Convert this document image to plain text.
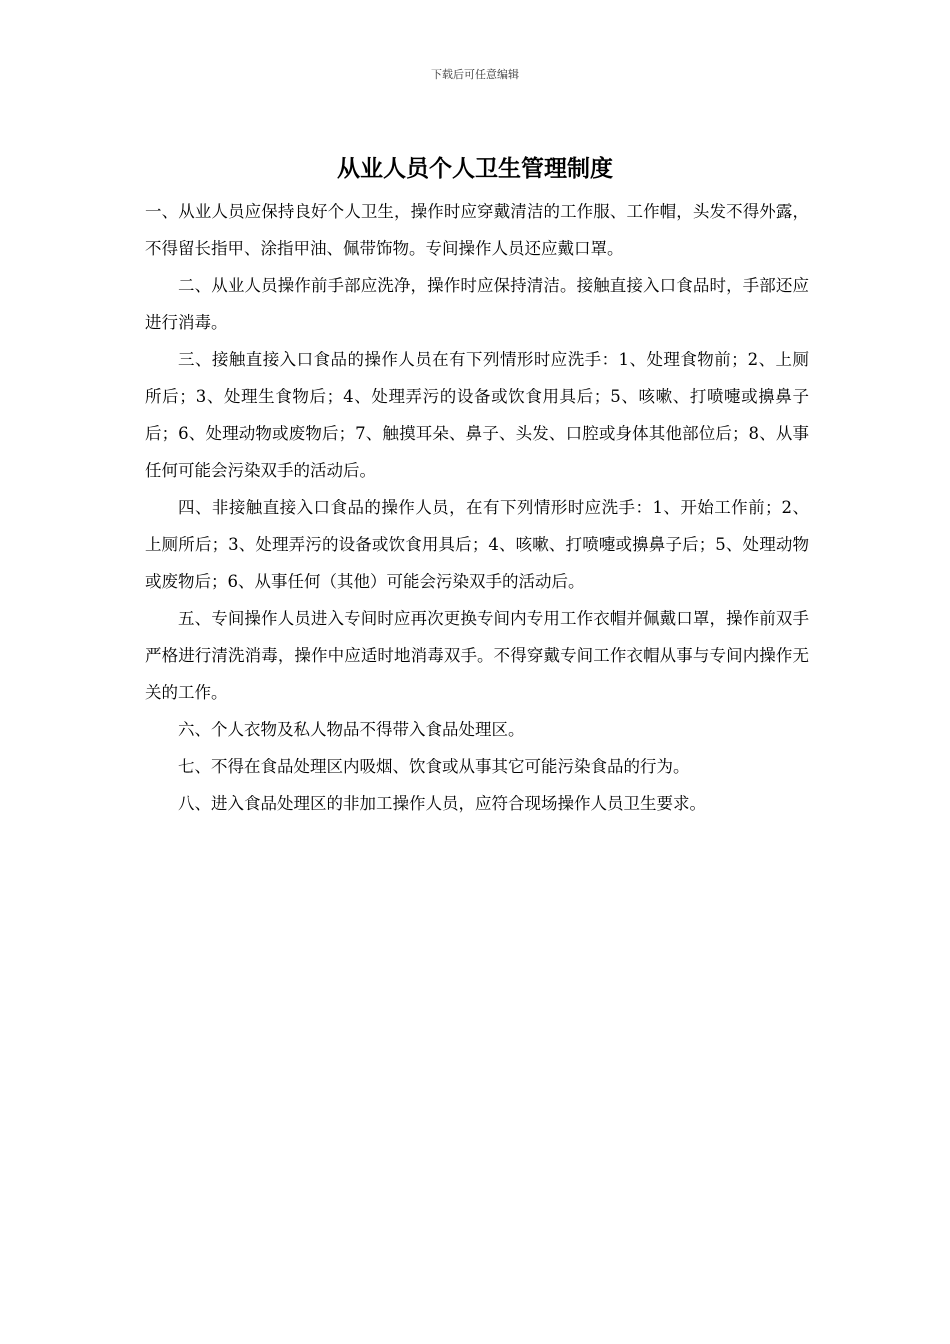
下载后可任意编辑
从业人员个人卫生管理制度

一、从业人员应保持良好个人卫生，操作时应穿戴清洁的工作服、工作帽，头发不得外露，不得留长指甲、涂指甲油、佩带饰物。专间操作人员还应戴口罩。

二、从业人员操作前手部应洗净，操作时应保持清洁。接触直接入口食品时，手部还应进行消毒。

三、接触直接入口食品的操作人员在有下列情形时应洗手：1、处理食物前；2、上厕所后；3、处理生食物后；4、处理弄污的设备或饮食用具后；5、咳嗽、打喷嚏或擤鼻子后；6、处理动物或废物后；7、触摸耳朵、鼻子、头发、口腔或身体其他部位后；8、从事任何可能会污染双手的活动后。

四、非接触直接入口食品的操作人员，在有下列情形时应洗手：1、开始工作前；2、上厕所后；3、处理弄污的设备或饮食用具后；4、咳嗽、打喷嚏或擤鼻子后；5、处理动物或废物后；6、从事任何（其他）可能会污染双手的活动后。

五、专间操作人员进入专间时应再次更换专间内专用工作衣帽并佩戴口罩，操作前双手严格进行清洗消毒，操作中应适时地消毒双手。不得穿戴专间工作衣帽从事与专间内操作无关的工作。

六、个人衣物及私人物品不得带入食品处理区。

七、不得在食品处理区内吸烟、饮食或从事其它可能污染食品的行为。

八、进入食品处理区的非加工操作人员，应符合现场操作人员卫生要求。
